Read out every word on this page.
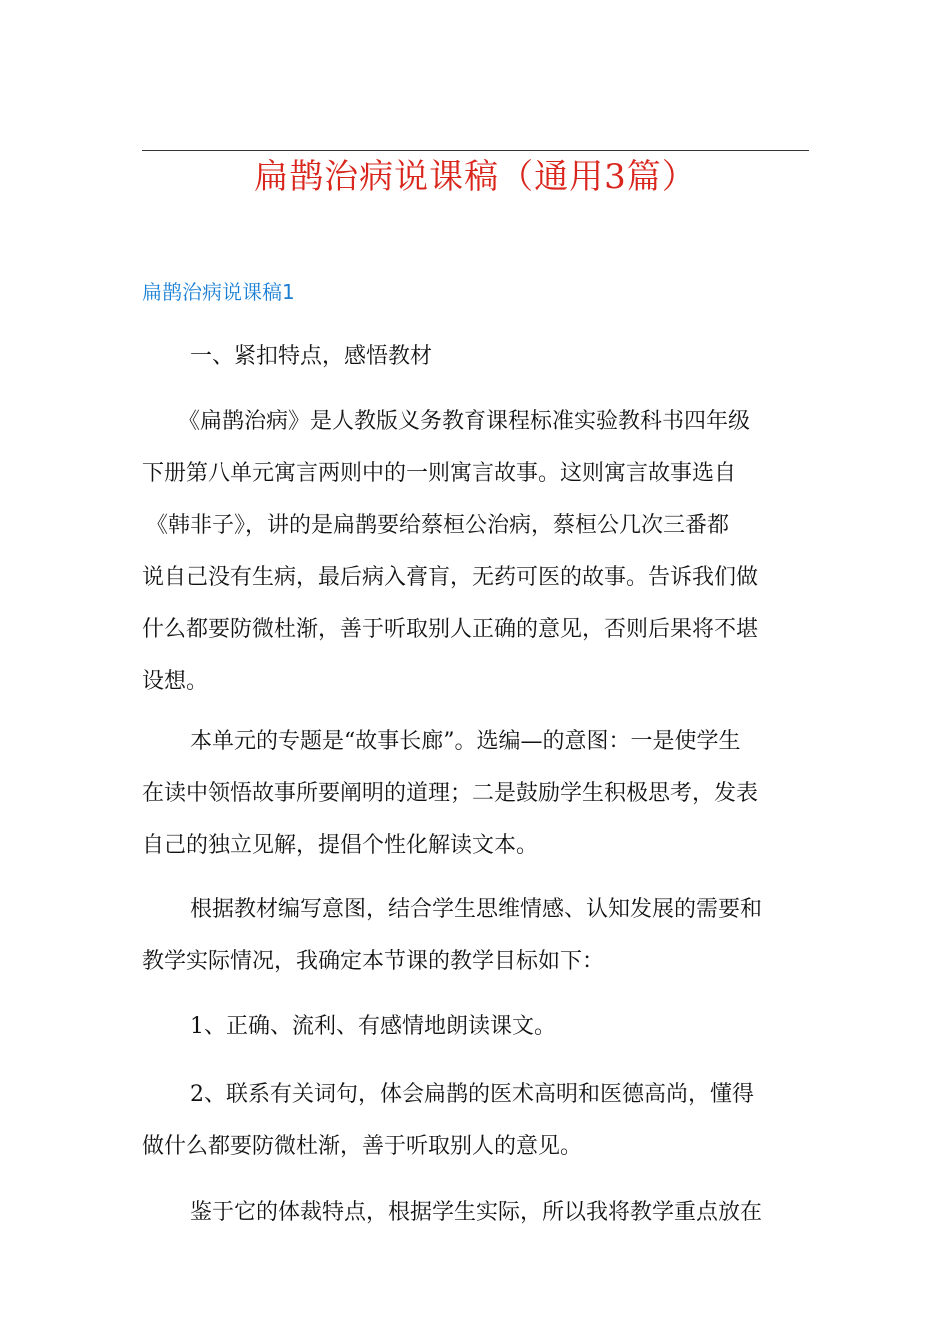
扁鹊治病说课稿（通用3篇）
扁鹊治病说课稿1
一、紧扣特点，感悟教材
《扁鹊治病》是人教版义务教育课程标准实验教科书四年级
下册第八单元寓言两则中的一则寓言故事。这则寓言故事选自
《韩非子》，讲的是扁鹊要给蔡桓公治病，蔡桓公几次三番都
说自己没有生病，最后病入膏肓，无药可医的故事。告诉我们做
什么都要防微杜渐，善于听取别人正确的意见，否则后果将不堪
设想。
本单元的专题是“故事长廊”。选编—的意图：一是使学生
在读中领悟故事所要阐明的道理；二是鼓励学生积极思考，发表
自己的独立见解，提倡个性化解读文本。
根据教材编写意图，结合学生思维情感、认知发展的需要和
教学实际情况，我确定本节课的教学目标如下：
1、正确、流利、有感情地朗读课文。
2、联系有关词句，体会扁鹊的医术高明和医德高尚，懂得
做什么都要防微杜渐，善于听取别人的意见。
鉴于它的体裁特点，根据学生实际，所以我将教学重点放在
